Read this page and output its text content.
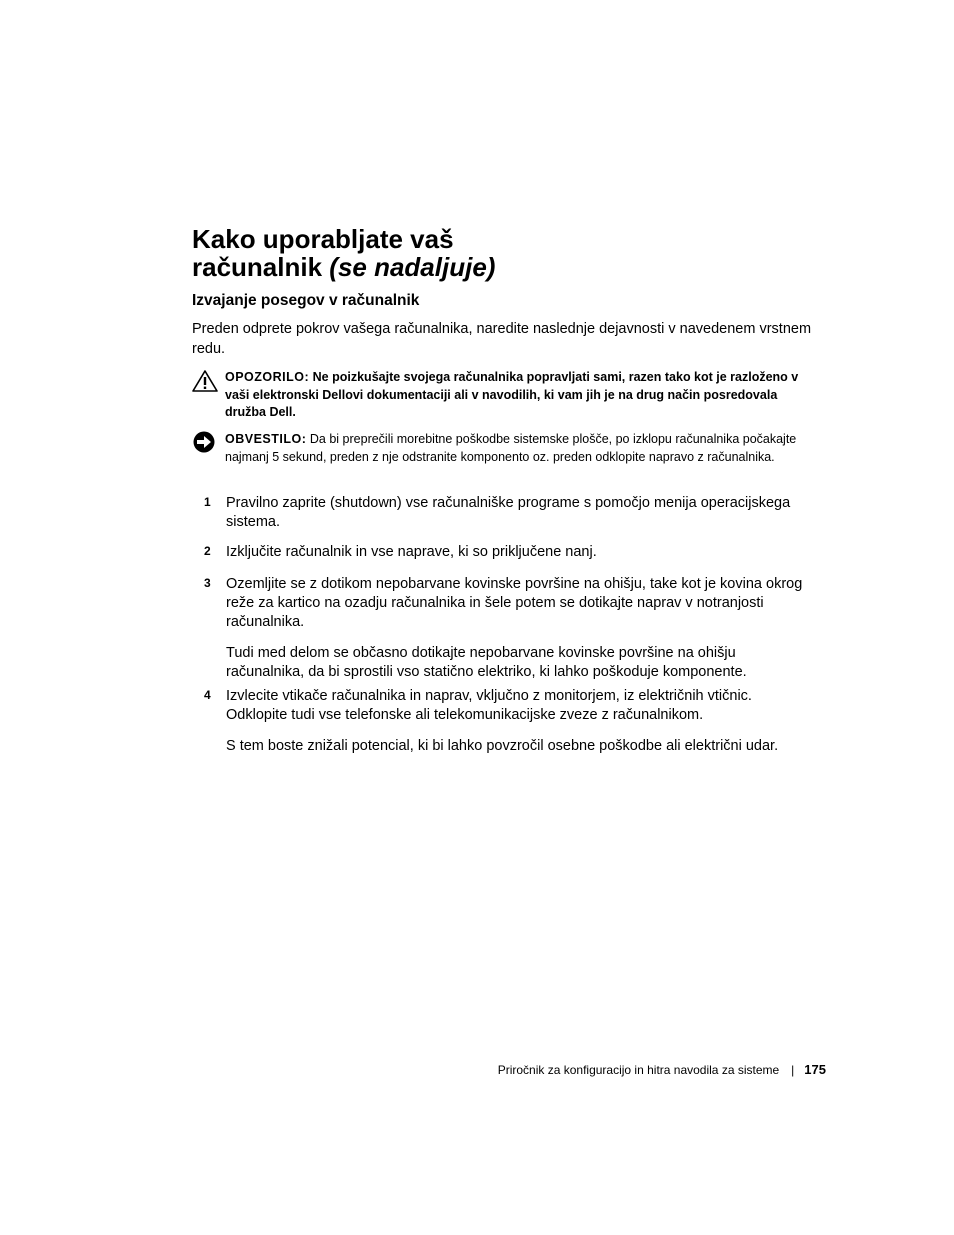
Kako uporabljate vaš
računalnik (se nadaljuje)
Izvajanje posegov v računalnik

Preden odprete pokrov vašega računalnika, naredite naslednje dejavnosti v navedenem vrstnem redu.

OPOZORILO: Ne poizkušajte svojega računalnika popravljati sami, razen tako kot je razloženo v vaši elektronski Dellovi dokumentaciji ali v navodilih, ki vam jih je na drug način posredovala družba Dell.
OBVESTILO: Da bi preprečili morebitne poškodbe sistemske plošče, po izklopu računalnika počakajte najmanj 5 sekund, preden z nje odstranite komponento oz. preden odklopite napravo z računalnika.
1 Pravilno zaprite (shutdown) vse računalniške programe s pomočjo menija operacijskega sistema.
2 Izključite računalnik in vse naprave, ki so priključene nanj.
3 Ozemljite se z dotikom nepobarvane kovinske površine na ohišju, take kot je kovina okrog reže za kartico na ozadju računalnika in šele potem se dotikajte naprav v notranjosti računalnika.
Tudi med delom se občasno dotikajte nepobarvane kovinske površine na ohišju računalnika, da bi sprostili vso statično elektriko, ki lahko poškoduje komponente.
4 Izvlecite vtikače računalnika in naprav, vključno z monitorjem, iz električnih vtičnic. Odklopite tudi vse telefonske ali telekomunikacijske zveze z računalnikom.
S tem boste znižali potencial, ki bi lahko povzročil osebne poškodbe ali električni udar.
Priročnik za konfiguracijo in hitra navodila za sisteme | 175
